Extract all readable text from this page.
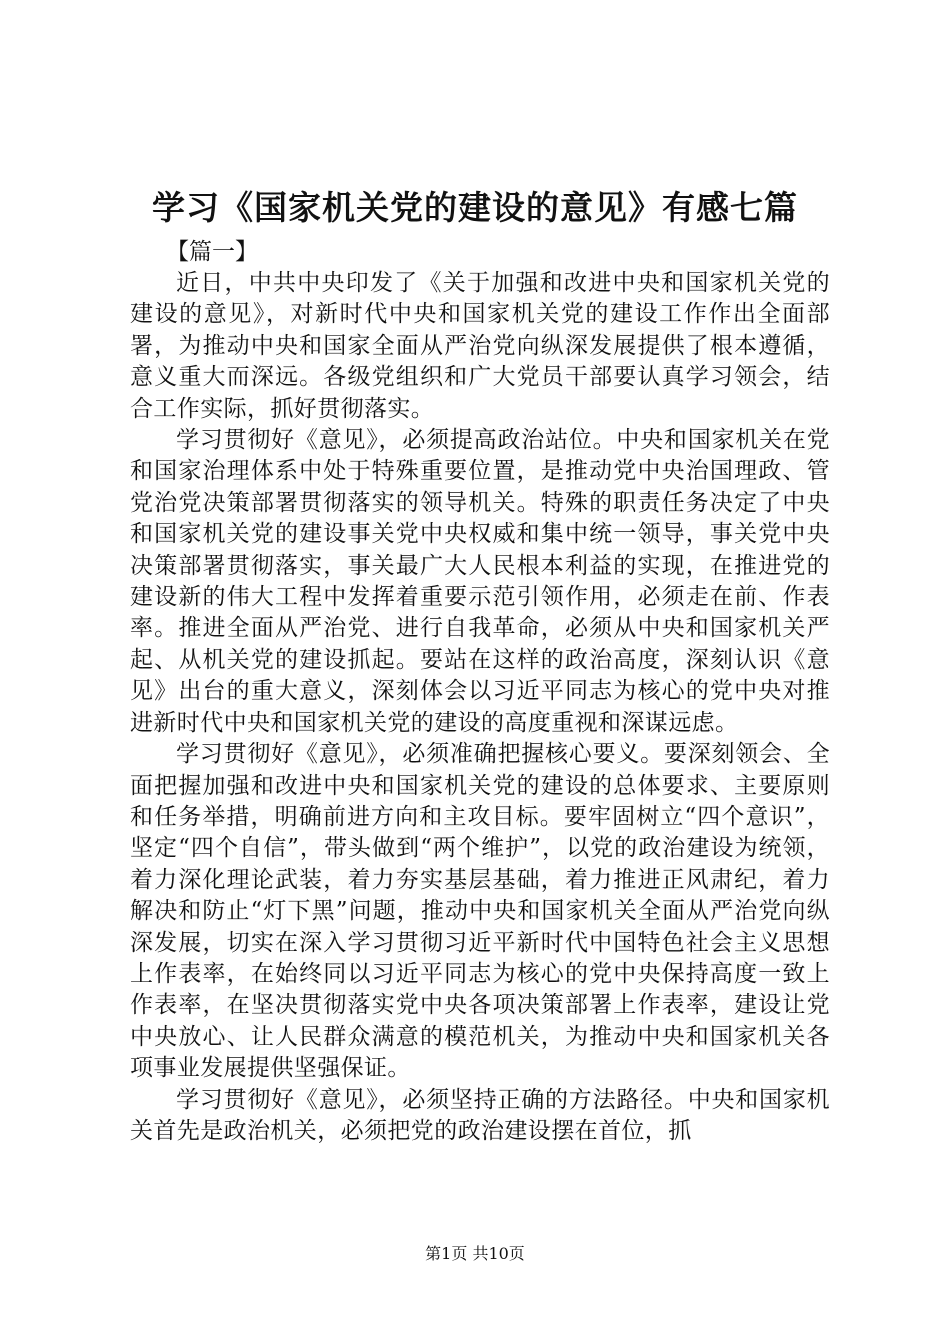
学习《国家机关党的建设的意见》有感七篇

【篇一】

近日，中共中央印发了《关于加强和改进中央和国家机关党的建设的意见》，对新时代中央和国家机关党的建设工作作出全面部署，为推动中央和国家全面从严治党向纵深发展提供了根本遵循，意义重大而深远。各级党组织和广大党员干部要认真学习领会，结合工作实际，抓好贯彻落实。

学习贯彻好《意见》，必须提高政治站位。中央和国家机关在党和国家治理体系中处于特殊重要位置，是推动党中央治国理政、管党治党决策部署贯彻落实的领导机关。特殊的职责任务决定了中央和国家机关党的建设事关党中央权威和集中统一领导，事关党中央决策部署贯彻落实，事关最广大人民根本利益的实现，在推进党的建设新的伟大工程中发挥着重要示范引领作用，必须走在前、作表率。推进全面从严治党、进行自我革命，必须从中央和国家机关严起、从机关党的建设抓起。要站在这样的政治高度，深刻认识《意见》出台的重大意义，深刻体会以习近平同志为核心的党中央对推进新时代中央和国家机关党的建设的高度重视和深谋远虑。

学习贯彻好《意见》，必须准确把握核心要义。要深刻领会、全面把握加强和改进中央和国家机关党的建设的总体要求、主要原则和任务举措，明确前进方向和主攻目标。要牢固树立“四个意识”，坚定“四个自信”，带头做到“两个维护”，以党的政治建设为统领，着力深化理论武装，着力夯实基层基础，着力推进正风肃纪，着力解决和防止“灯下黑”问题，推动中央和国家机关全面从严治党向纵深发展，切实在深入学习贯彻习近平新时代中国特色社会主义思想上作表率，在始终同以习近平同志为核心的党中央保持高度一致上作表率，在坚决贯彻落实党中央各项决策部署上作表率，建设让党中央放心、让人民群众满意的模范机关，为推动中央和国家机关各项事业发展提供坚强保证。

学习贯彻好《意见》，必须坚持正确的方法路径。中央和国家机关首先是政治机关，必须把党的政治建设摆在首位，抓

第1页 共10页
